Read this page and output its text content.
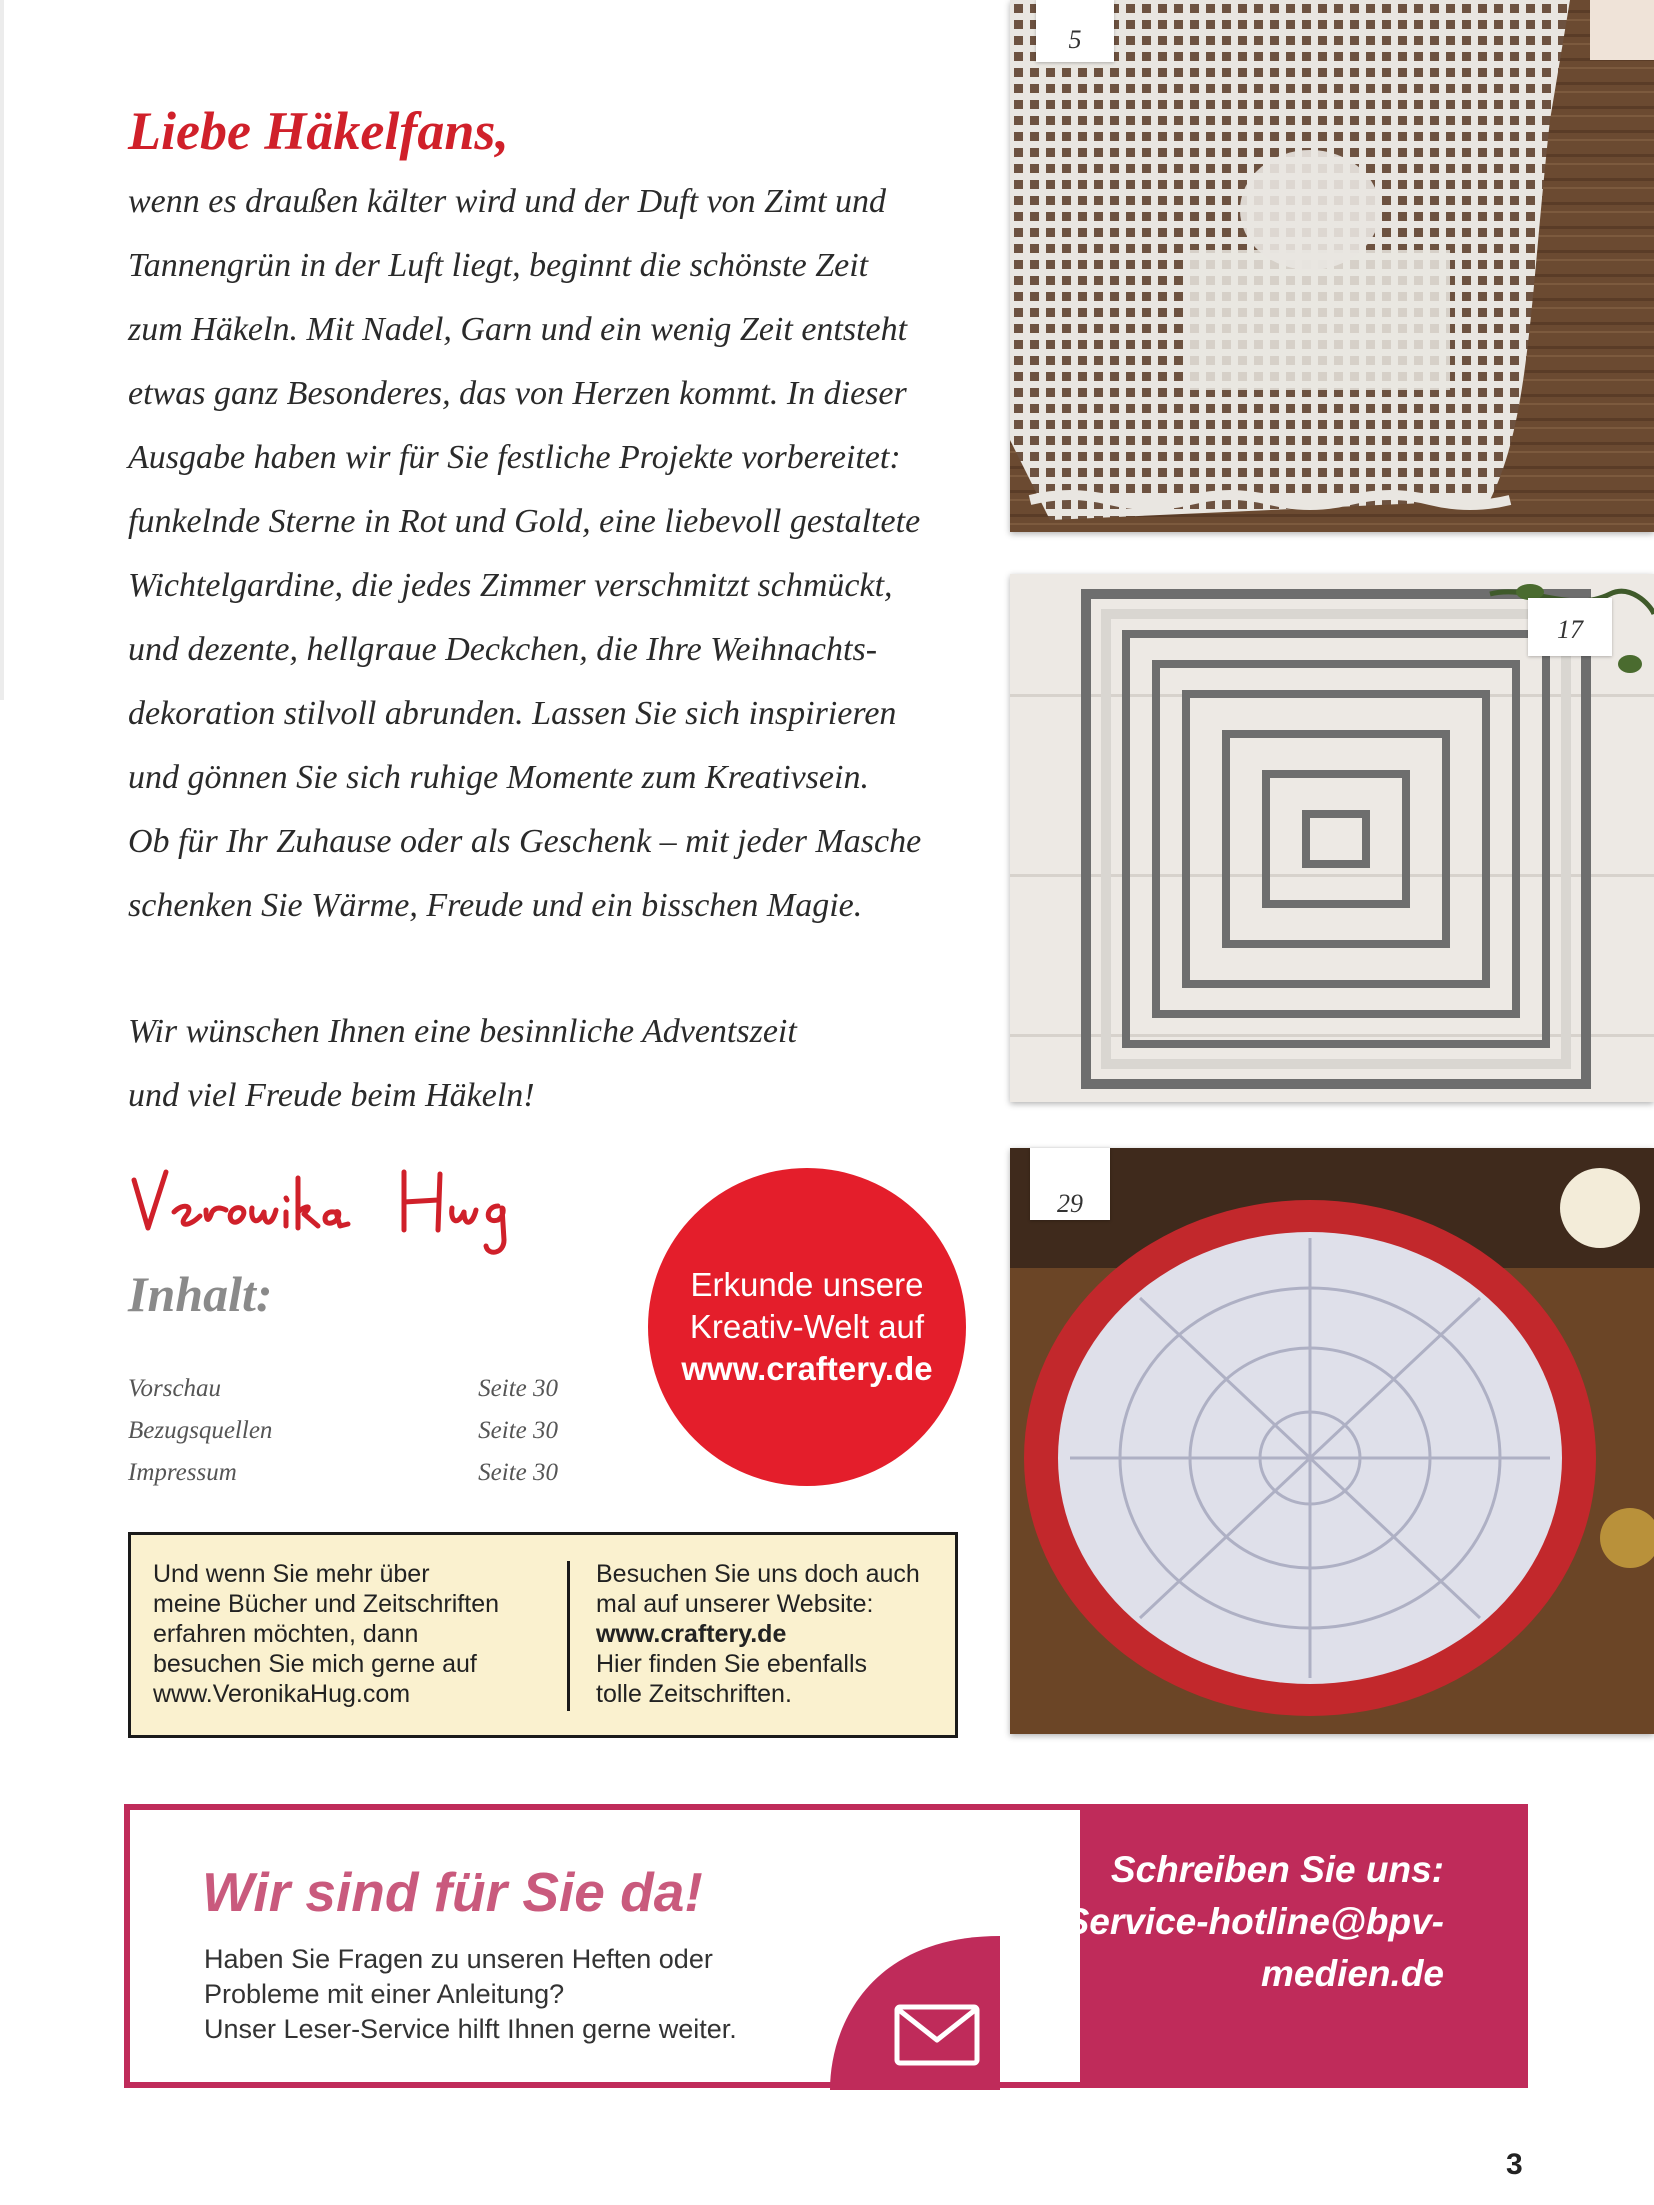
Liebe Häkelfans,
wenn es draußen kälter wird und der Duft von Zimt und
Tannengrün in der Luft liegt, beginnt die schönste Zeit
zum Häkeln. Mit Nadel, Garn und ein wenig Zeit entsteht
etwas ganz Besonderes, das von Herzen kommt. In dieser
Ausgabe haben wir für Sie festliche Projekte vorbereitet:
funkelnde Sterne in Rot und Gold, eine liebevoll gestaltete
Wichtelgardine, die jedes Zimmer verschmitzt schmückt,
und dezente, hellgraue Deckchen, die Ihre Weihnachts-
dekoration stilvoll abrunden. Lassen Sie sich inspirieren
und gönnen Sie sich ruhige Momente zum Kreativsein.
Ob für Ihr Zuhause oder als Geschenk – mit jeder Masche
schenken Sie Wärme, Freude und ein bisschen Magie.
Wir wünschen Ihnen eine besinnliche Adventszeit
und viel Freude beim Häkeln!
Inhalt:
Vorschau	Seite 30
Bezugsquellen	Seite 30
Impressum	Seite 30
Erkunde unsere
Kreativ-Welt auf
www.craftery.de
Und wenn Sie mehr über
meine Bücher und Zeitschriften
erfahren möchten, dann
besuchen Sie mich gerne auf
www.VeronikaHug.com
Besuchen Sie uns doch auch
mal auf unserer Website:
www.craftery.de
Hier finden Sie ebenfalls
tolle Zeitschriften.
5
17
29
Wir sind für Sie da!
Haben Sie Fragen zu unseren Heften oder
Probleme mit einer Anleitung?
Unser Leser-Service hilft Ihnen gerne weiter.
Schreiben Sie uns:
Service-hotline@bpv-
medien.de
3
